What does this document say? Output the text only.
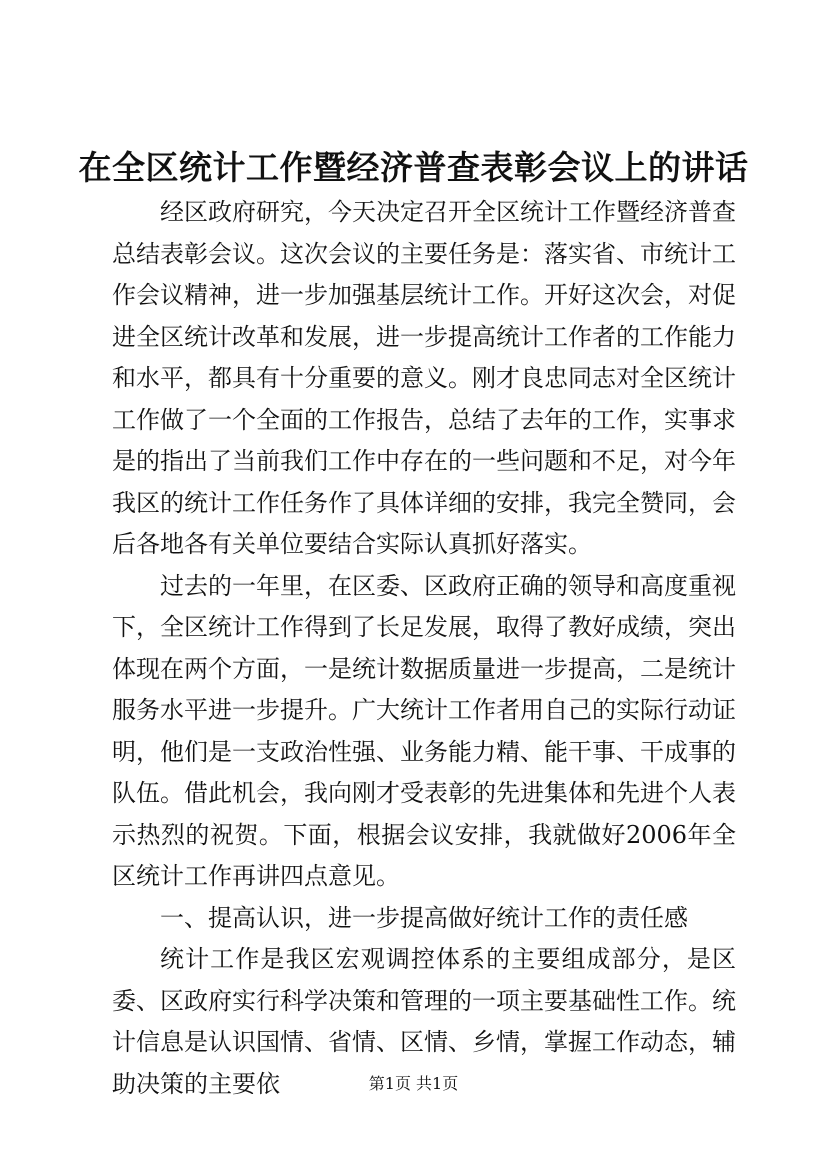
在全区统计工作暨经济普查表彰会议上的讲话

经区政府研究，今天决定召开全区统计工作暨经济普查总结表彰会议。这次会议的主要任务是：落实省、市统计工作会议精神，进一步加强基层统计工作。开好这次会，对促进全区统计改革和发展，进一步提高统计工作者的工作能力和水平，都具有十分重要的意义。刚才良忠同志对全区统计工作做了一个全面的工作报告，总结了去年的工作，实事求是的指出了当前我们工作中存在的一些问题和不足，对今年我区的统计工作任务作了具体详细的安排，我完全赞同，会后各地各有关单位要结合实际认真抓好落实。

过去的一年里，在区委、区政府正确的领导和高度重视下，全区统计工作得到了长足发展，取得了教好成绩，突出体现在两个方面，一是统计数据质量进一步提高，二是统计服务水平进一步提升。广大统计工作者用自己的实际行动证明，他们是一支政治性强、业务能力精、能干事、干成事的队伍。借此机会，我向刚才受表彰的先进集体和先进个人表示热烈的祝贺。下面，根据会议安排，我就做好2006年全区统计工作再讲四点意见。

一、提高认识，进一步提高做好统计工作的责任感

统计工作是我区宏观调控体系的主要组成部分，是区委、区政府实行科学决策和管理的一项主要基础性工作。统计信息是认识国情、省情、区情、乡情，掌握工作动态，辅助决策的主要依	第1页 共1页
